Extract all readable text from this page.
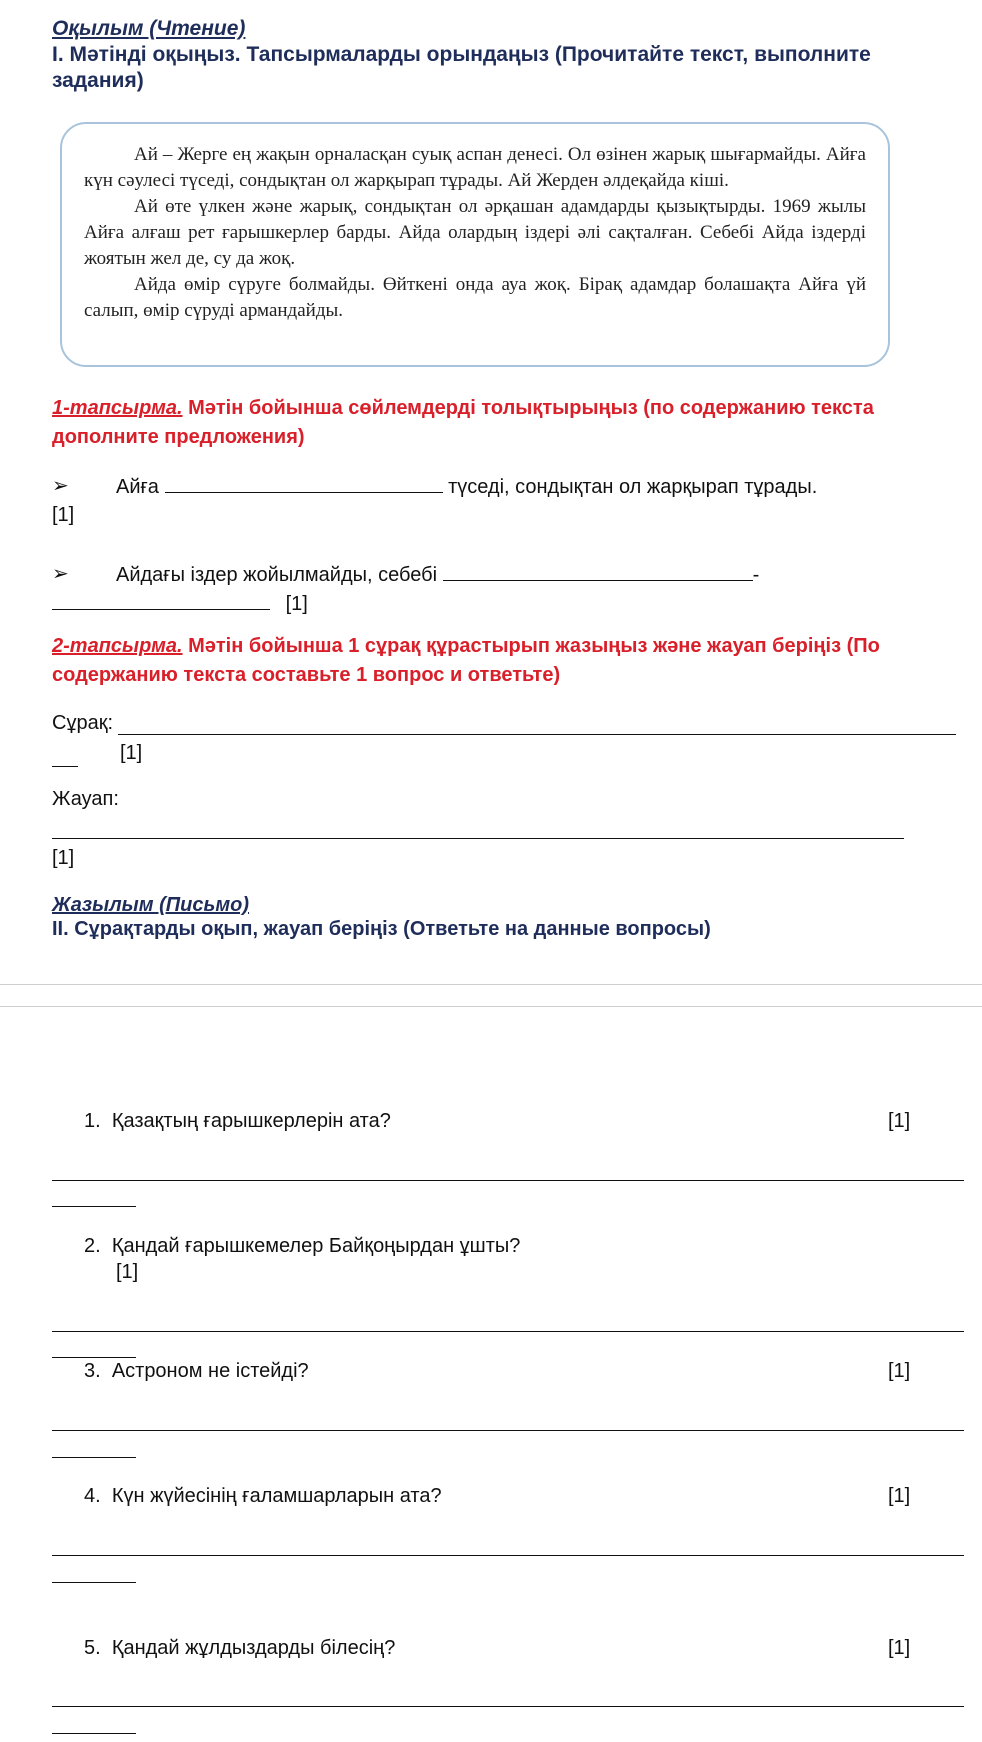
Оқылым (Чтение)
I. Мәтінді оқыңыз. Тапсырмаларды орындаңыз (Прочитайте текст, выполните
задания)

Ай – Жерге ең жақын орналасқан суық аспан денесі. Ол өзінен жарық шығармайды. Айға күн сәулесі түседі, сондықтан ол жарқырап тұрады. Ай Жерден әлдеқайда кіші.

Ай өте үлкен және жарық, сондықтан ол әрқашан адамдарды қызықтырды. 1969 жылы Айға алғаш рет ғарышкерлер барды. Айда олардың іздері әлі сақталған. Себебі Айда іздерді жоятын жел де, су да жоқ.

Айда өмір сүруге болмайды. Өйткені онда ауа жоқ. Бірақ адамдар болашақта Айға үй салып, өмір сүруді армандайды.

1-тапсырма. Мәтін бойынша сөйлемдерді толықтырыңыз (по содержанию текста
дополните предложения)
➢ Айға	түседі, сондықтан ол жарқырап тұрады.
[1]
➢ Айдағы іздер жойылмайды, себебі	-
[1]
2-тапсырма. Мәтін бойынша 1 сұрақ құрастырып жазыңыз және жауап беріңіз (По
содержанию текста составьте 1 вопрос и ответьте)
Сұрақ:
[1]
Жауап:
[1]
Жазылым (Письмо)
II. Сұрақтарды оқып, жауап беріңіз (Ответьте на данные вопросы)
1. Қазақтың ғарышкерлерін ата?	[1]
2. Қандай ғарышкемелер Байқоңырдан ұшты?
[1]
3. Астроном не істейді?	[1]
4. Күн жүйесінің ғаламшарларын ата?	[1]
5. Қандай жұлдыздарды білесің?	[1]
